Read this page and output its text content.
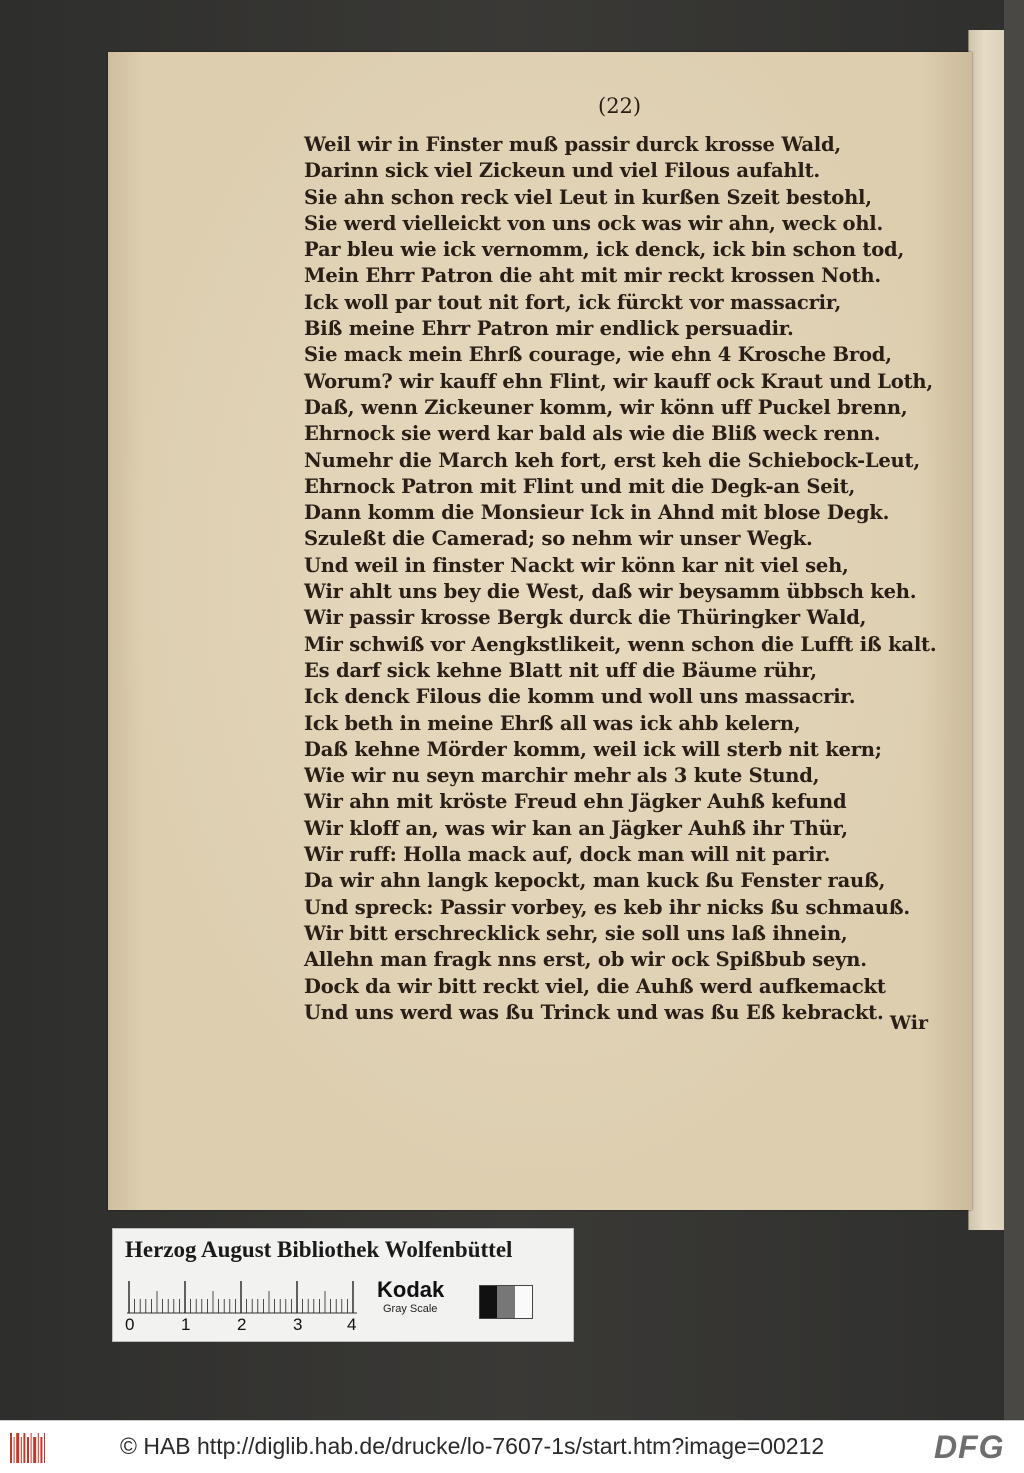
(22)
Weil wir in Finster muß passir durck krosse Wald,
Darinn sick viel Zickeun und viel Filous aufahlt.
Sie ahn schon reck viel Leut in kurßen Szeit bestohl,
Sie werd vielleickt von uns ock was wir ahn, weck ohl.
Par bleu wie ick vernomm, ick denck, ick bin schon tod,
Mein Ehrr Patron die aht mit mir reckt krossen Noth.
Ick woll par tout nit fort, ick fürckt vor massacrir,
Biß meine Ehrr Patron mir endlick persuadir.
Sie mack mein Ehrß courage, wie ehn 4 Krosche Brod,
Worum? wir kauff ehn Flint, wir kauff ock Kraut und Loth,
Daß, wenn Zickeuner komm, wir könn uff Puckel brenn,
Ehrnock sie werd kar bald als wie die Bliß weck renn.
Numehr die March keh fort, erst keh die Schiebock-Leut,
Ehrnock Patron mit Flint und mit die Degk-an Seit,
Dann komm die Monsieur Ick in Ahnd mit blose Degk.
Szuleßt die Camerad; so nehm wir unser Wegk.
Und weil in finster Nackt wir könn kar nit viel seh,
Wir ahlt uns bey die West, daß wir beysamm übbsch keh.
Wir passir krosse Bergk durck die Thüringker Wald,
Mir schwiß vor Aengkstlikeit, wenn schon die Lufft iß kalt.
Es darf sick kehne Blatt nit uff die Bäume rühr,
Ick denck Filous die komm und woll uns massacrir.
Ick beth in meine Ehrß all was ick ahb kelern,
Daß kehne Mörder komm, weil ick will sterb nit kern;
Wie wir nu seyn marchir mehr als 3 kute Stund,
Wir ahn mit kröste Freud ehn Jägker Auhß kefund
Wir kloff an, was wir kan an Jägker Auhß ihr Thür,
Wir ruff: Holla mack auf, dock man will nit parir.
Da wir ahn langk kepockt, man kuck ßu Fenster rauß,
Und spreck: Passir vorbey, es keb ihr nicks ßu schmauß.
Wir bitt erschrecklick sehr, sie soll uns laß ihnein,
Allehn man fragk nns erst, ob wir ock Spißbub seyn.
Dock da wir bitt reckt viel, die Auhß werd aufkemackt
Und uns werd was ßu Trinck und was ßu Eß kebrackt. Wir
Herzog August Bibliothek Wolfenbüttel
0	1	2	3	4
Kodak
Gray Scale
© HAB http://diglib.hab.de/drucke/lo-7607-1s/start.htm?image=00212	DFG
